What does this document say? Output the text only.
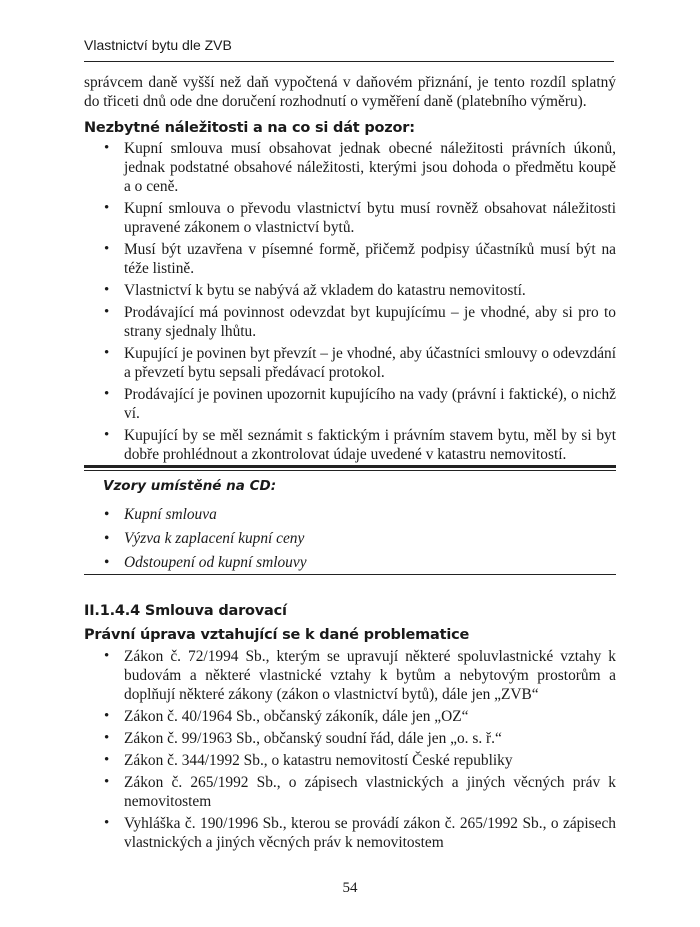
Vlastnictví bytu dle ZVB
správcem daně vyšší než daň vypočtená v daňovém přiznání, je tento rozdíl splatný do třiceti dnů ode dne doručení rozhodnutí o vyměření daně (platebního výměru).
Nezbytné náležitosti a na co si dát pozor:
• Kupní smlouva musí obsahovat jednak obecné náležitosti právních úkonů, jednak podstatné obsahové náležitosti, kterými jsou dohoda o předmětu koupě a o ceně.
• Kupní smlouva o převodu vlastnictví bytu musí rovněž obsahovat náležitosti upravené zákonem o vlastnictví bytů.
• Musí být uzavřena v písemné formě, přičemž podpisy účastníků musí být na téže listině.
• Vlastnictví k bytu se nabývá až vkladem do katastru nemovitostí.
• Prodávající má povinnost odevzdat byt kupujícímu – je vhodné, aby si pro to strany sjednaly lhůtu.
• Kupující je povinen byt převzít – je vhodné, aby účastníci smlouvy o odevzdání a převzetí bytu sepsali předávací protokol.
• Prodávající je povinen upozornit kupujícího na vady (právní i faktické), o nichž ví.
• Kupující by se měl seznámit s faktickým i právním stavem bytu, měl by si byt dobře prohlédnout a zkontrolovat údaje uvedené v katastru nemovitostí.
Vzory umístěné na CD:
• Kupní smlouva
• Výzva k zaplacení kupní ceny
• Odstoupení od kupní smlouvy
II.1.4.4 Smlouva darovací
Právní úprava vztahující se k dané problematice
• Zákon č. 72/1994 Sb., kterým se upravují některé spoluvlastnické vztahy k budovám a některé vlastnické vztahy k bytům a nebytovým prostorům a doplňují některé zákony (zákon o vlastnictví bytů), dále jen „ZVB“
• Zákon č. 40/1964 Sb., občanský zákoník, dále jen „OZ“
• Zákon č. 99/1963 Sb., občanský soudní řád, dále jen „o. s. ř.“
• Zákon č. 344/1992 Sb., o katastru nemovitostí České republiky
• Zákon č. 265/1992 Sb., o zápisech vlastnických a jiných věcných práv k nemovitostem
• Vyhláška č. 190/1996 Sb., kterou se provádí zákon č. 265/1992 Sb., o zápisech vlastnických a jiných věcných práv k nemovitostem
54
